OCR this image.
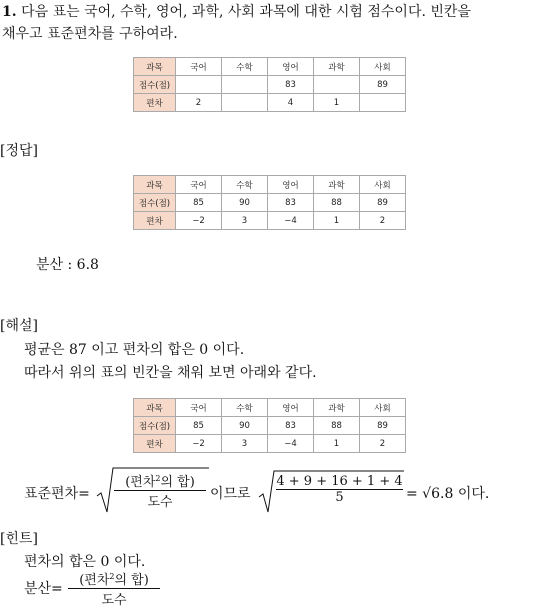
1. 다음 표는 국어, 수학, 영어, 과학, 사회 과목에 대한 시험 점수이다. 빈칸을
채우고 표준편차를 구하여라.
과목	국어	수학	영어	과학	사회
점수(점)			83		89
편차	2		4	1	
[정답]
과목	국어	수학	영어	과학	사회
점수(점)	85	90	83	88	89
편차	−2	3	−4	1	2
분산 : 6.8
[해설]
평균은 87 이고 편차의 합은 0 이다.
따라서 위의 표의 빈칸을 채워 보면 아래와 같다.
과목	국어	수학	영어	과학	사회
점수(점)	85	90	83	88	89
편차	−2	3	−4	1	2
표준편차=
(편차$^2$의 합)
도수
이므로
4 + 9 + 16 + 1 + 4
5	= √6.8 이다.
[힌트]
편차의 합은 0 이다.
분산=
(편차$^2$의 합)
도수
